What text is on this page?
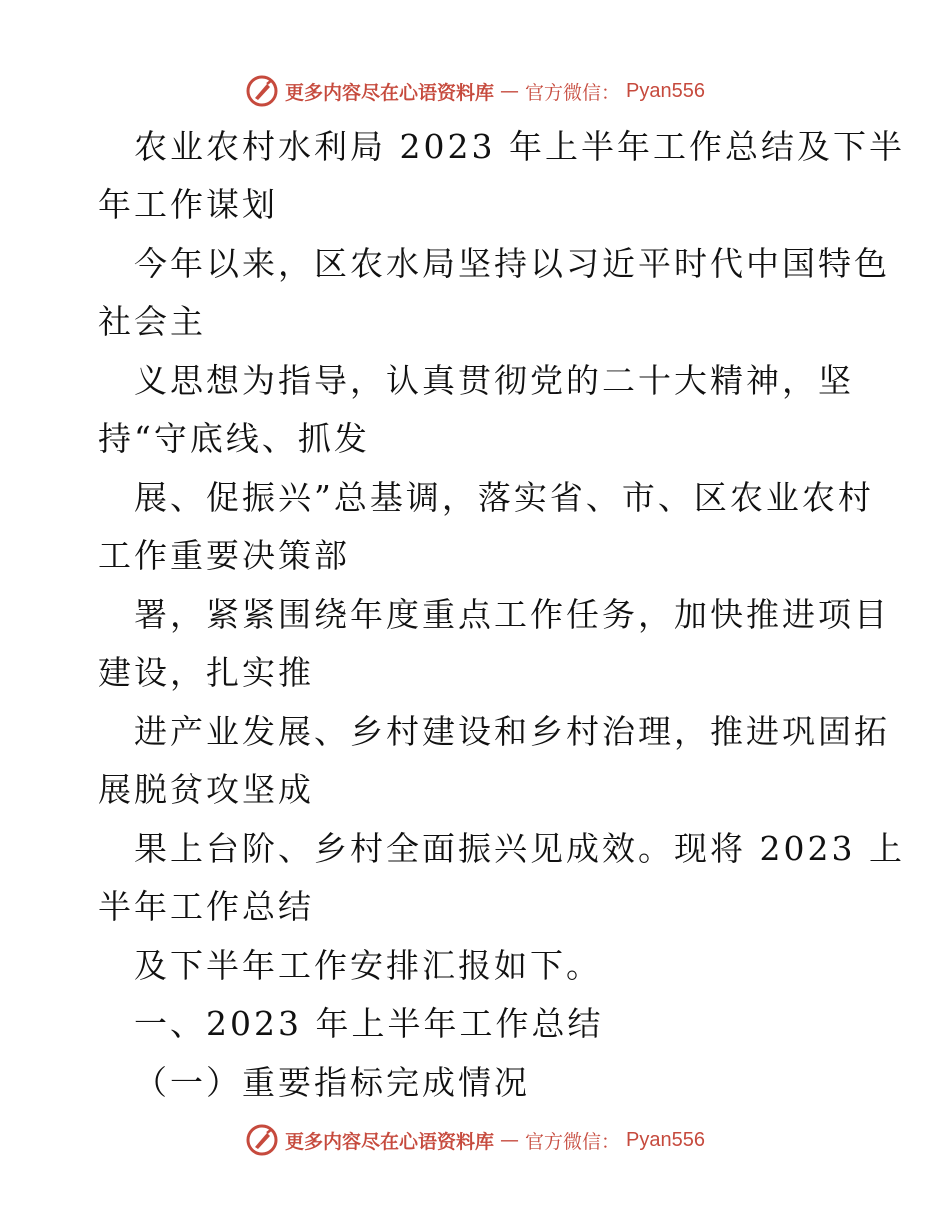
更多内容尽在心语资料库 — 官方微信： Pyan556
农业农村水利局 2023 年上半年工作总结及下半
年工作谋划
今年以来，区农水局坚持以习近平时代中国特色
社会主
义思想为指导，认真贯彻党的二十大精神，坚
持“守底线、抓发
展、促振兴”总基调，落实省、市、区农业农村
工作重要决策部
署，紧紧围绕年度重点工作任务，加快推进项目
建设，扎实推
进产业发展、乡村建设和乡村治理，推进巩固拓
展脱贫攻坚成
果上台阶、乡村全面振兴见成效。现将 2023 上
半年工作总结
及下半年工作安排汇报如下。
一、2023 年上半年工作总结
（一）重要指标完成情况
更多内容尽在心语资料库 — 官方微信： Pyan556
